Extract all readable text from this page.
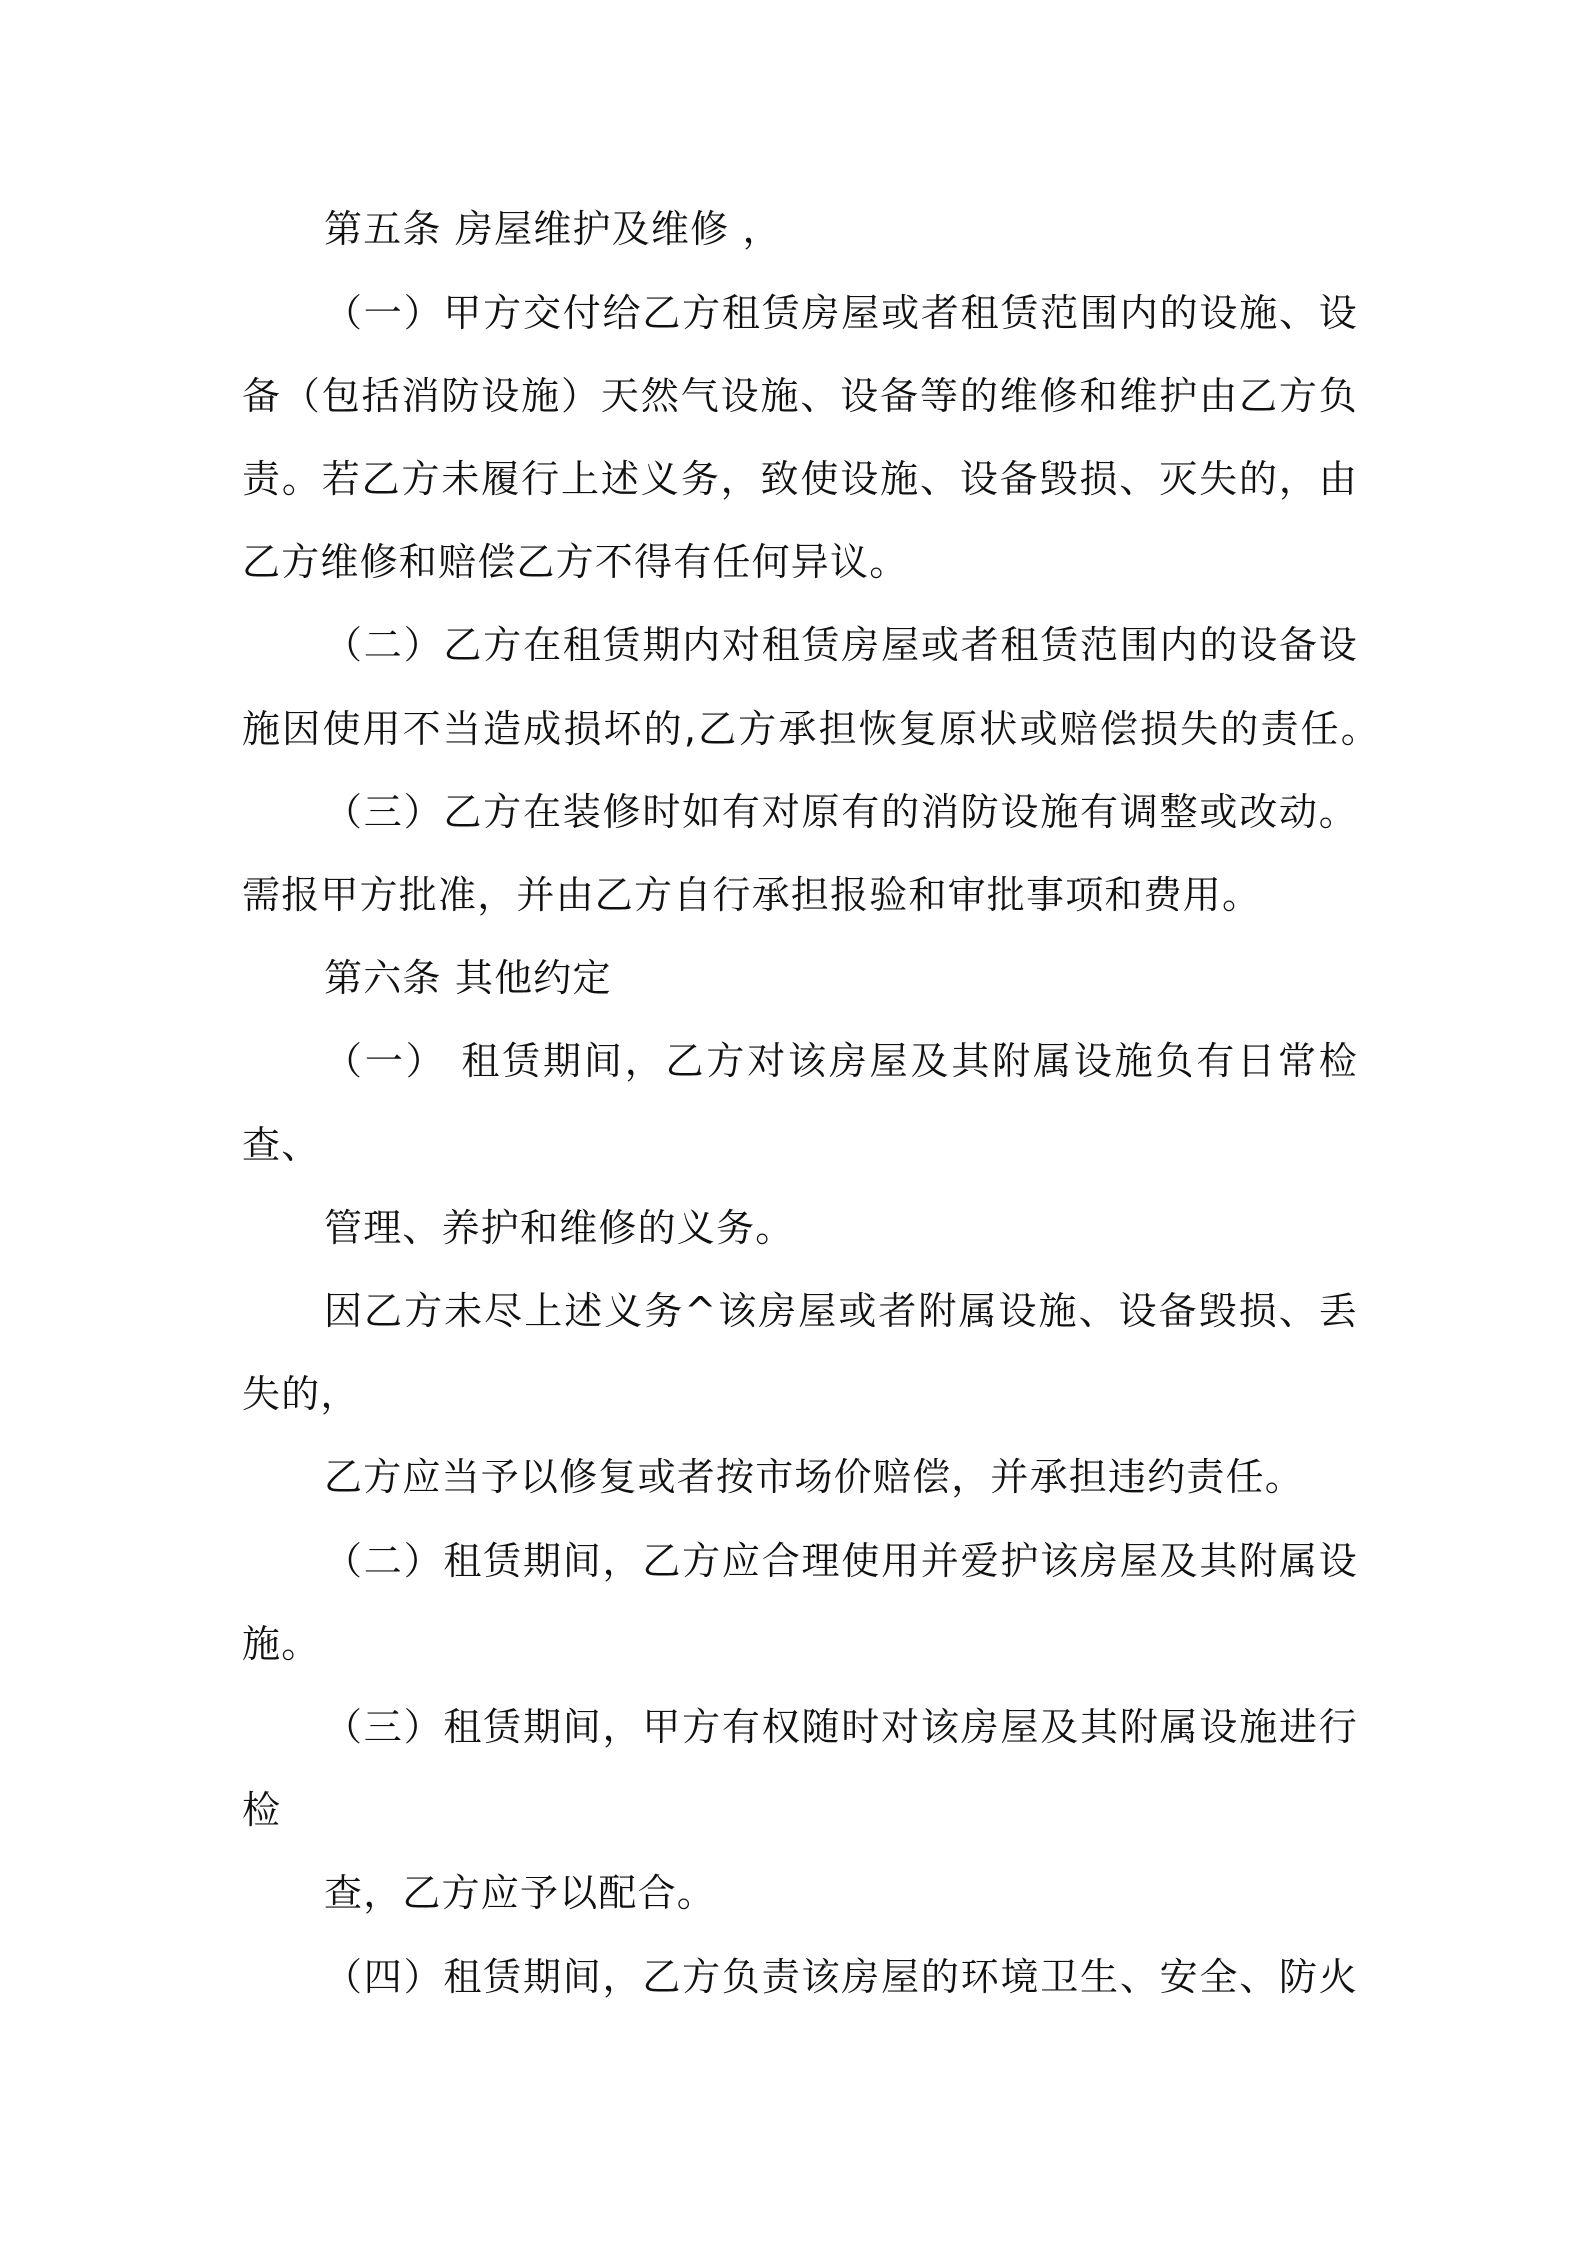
第五条 房屋维护及维修 ，
（一）甲方交付给乙方租赁房屋或者租赁范围内的设施、设
备（包括消防设施）天然气设施、设备等的维修和维护由乙方负
责。若乙方未履行上述义务，致使设施、设备毁损、灭失的，由
乙方维修和赔偿乙方不得有任何异议。
（二）乙方在租赁期内对租赁房屋或者租赁范围内的设备设
施因使用不当造成损坏的,乙方承担恢复原状或赔偿损失的责任。
（三）乙方在装修时如有对原有的消防设施有调整或改动。
需报甲方批准，并由乙方自行承担报验和审批事项和费用。
第六条 其他约定
（一） 租赁期间，乙方对该房屋及其附属设施负有日常检
查、
管理、养护和维修的义务。
因乙方未尽上述义务^该房屋或者附属设施、设备毁损、丢
失的，
乙方应当予以修复或者按市场价赔偿，并承担违约责任。
（二）租赁期间，乙方应合理使用并爱护该房屋及其附属设
施。
（三）租赁期间，甲方有权随时对该房屋及其附属设施进行
检
查，乙方应予以配合。
（四）租赁期间，乙方负责该房屋的环境卫生、安全、防火
